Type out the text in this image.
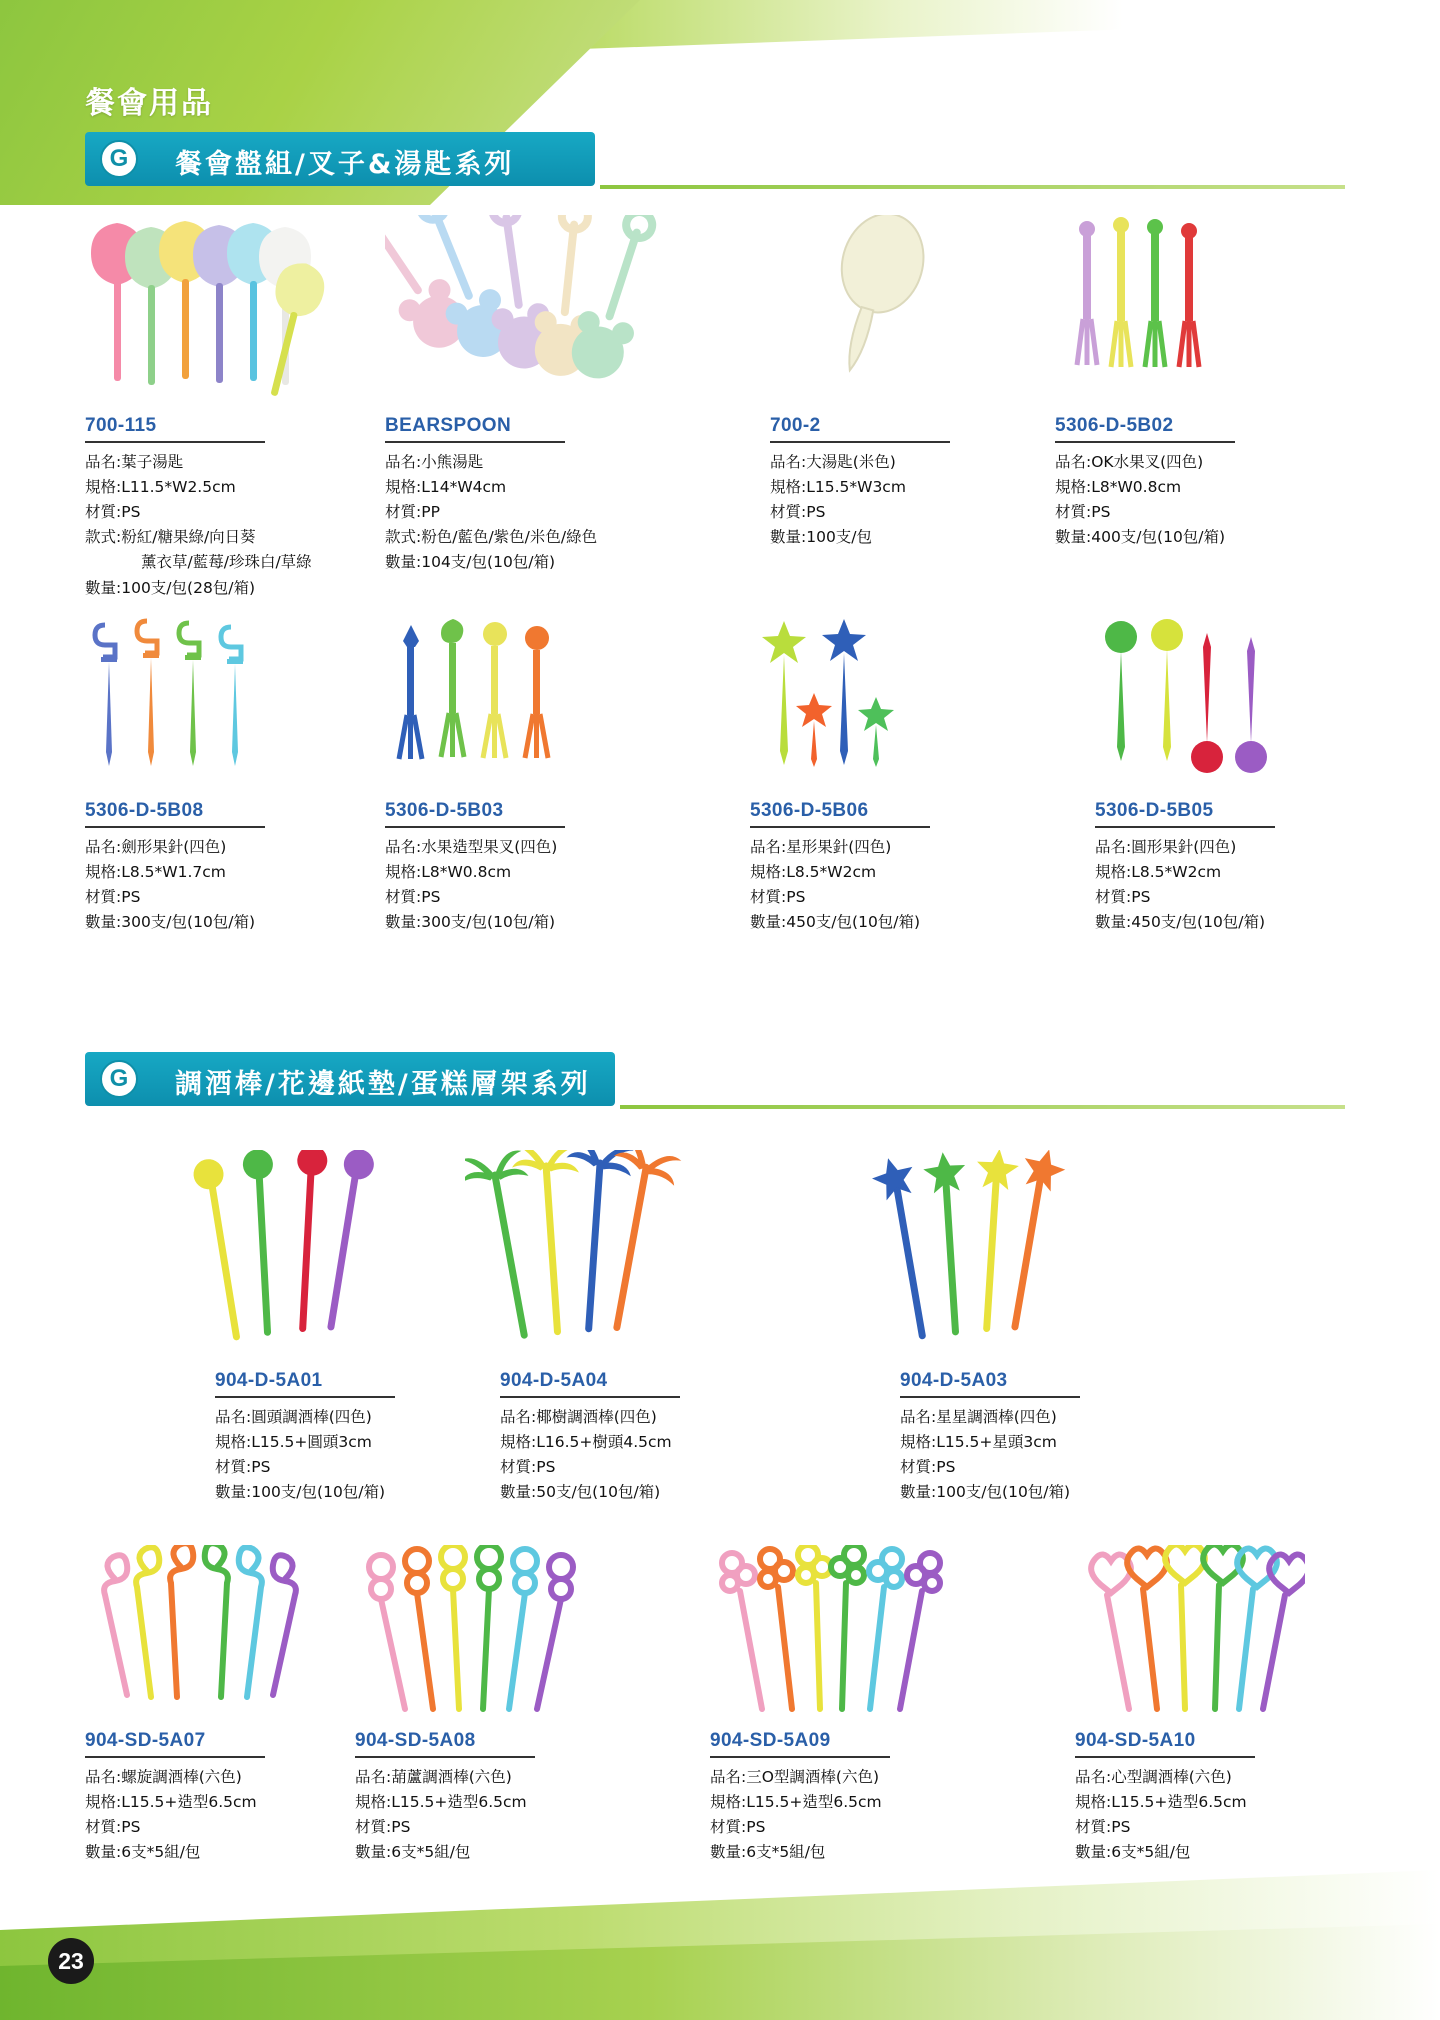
餐會用品
G	餐會盤組/叉子&湯匙系列
700-115
品名:葉子湯匙
規格:L11.5*W2.5cm
材質:PS
款式:粉紅/糖果綠/向日葵
薰衣草/藍莓/珍珠白/草綠
數量:100支/包(28包/箱)
BEARSPOON
品名:小熊湯匙
規格:L14*W4cm
材質:PP
款式:粉色/藍色/紫色/米色/綠色
數量:104支/包(10包/箱)
700-2
品名:大湯匙(米色)
規格:L15.5*W3cm
材質:PS
數量:100支/包
5306-D-5B02
品名:OK水果叉(四色)
規格:L8*W0.8cm
材質:PS
數量:400支/包(10包/箱)
5306-D-5B08
品名:劍形果針(四色)
規格:L8.5*W1.7cm
材質:PS
數量:300支/包(10包/箱)
5306-D-5B03
品名:水果造型果叉(四色)
規格:L8*W0.8cm
材質:PS
數量:300支/包(10包/箱)
5306-D-5B06
品名:星形果針(四色)
規格:L8.5*W2cm
材質:PS
數量:450支/包(10包/箱)
5306-D-5B05
品名:圓形果針(四色)
規格:L8.5*W2cm
材質:PS
數量:450支/包(10包/箱)
G	調酒棒/花邊紙墊/蛋糕層架系列
904-D-5A01
品名:圓頭調酒棒(四色)
規格:L15.5+圓頭3cm
材質:PS
數量:100支/包(10包/箱)
904-D-5A04
品名:椰樹調酒棒(四色)
規格:L16.5+樹頭4.5cm
材質:PS
數量:50支/包(10包/箱)
904-D-5A03
品名:星星調酒棒(四色)
規格:L15.5+星頭3cm
材質:PS
數量:100支/包(10包/箱)
904-SD-5A07
品名:螺旋調酒棒(六色)
規格:L15.5+造型6.5cm
材質:PS
數量:6支*5組/包
904-SD-5A08
品名:葫蘆調酒棒(六色)
規格:L15.5+造型6.5cm
材質:PS
數量:6支*5組/包
904-SD-5A09
品名:三O型調酒棒(六色)
規格:L15.5+造型6.5cm
材質:PS
數量:6支*5組/包
904-SD-5A10
品名:心型調酒棒(六色)
規格:L15.5+造型6.5cm
材質:PS
數量:6支*5組/包
23
